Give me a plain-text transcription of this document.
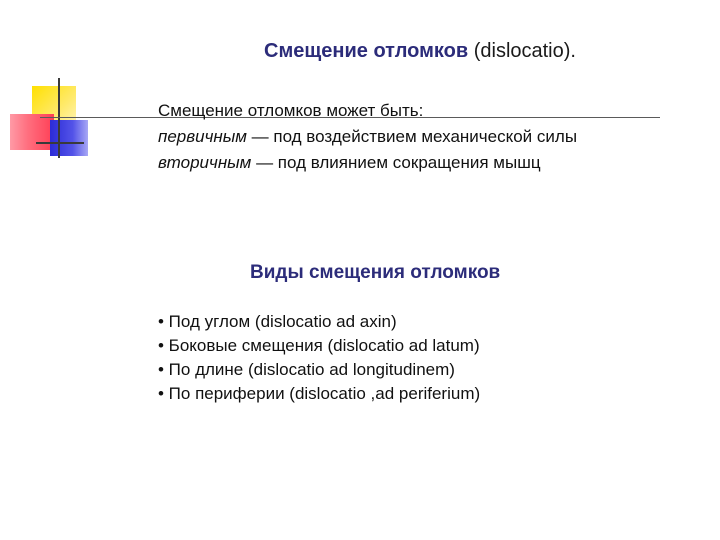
Смещение отломков (dislocatio).
Смещение отломков может быть:
первичным — под воздействием механической силы
вторичным — под влиянием сокращения мышц
Виды смещения отломков
• Под углом (dislocatio ad axin)
• Боковые смещения (dislocatio ad latum)
• По длине (dislocatio ad longitudinem)
• По периферии (dislocatio ,ad periferium)
